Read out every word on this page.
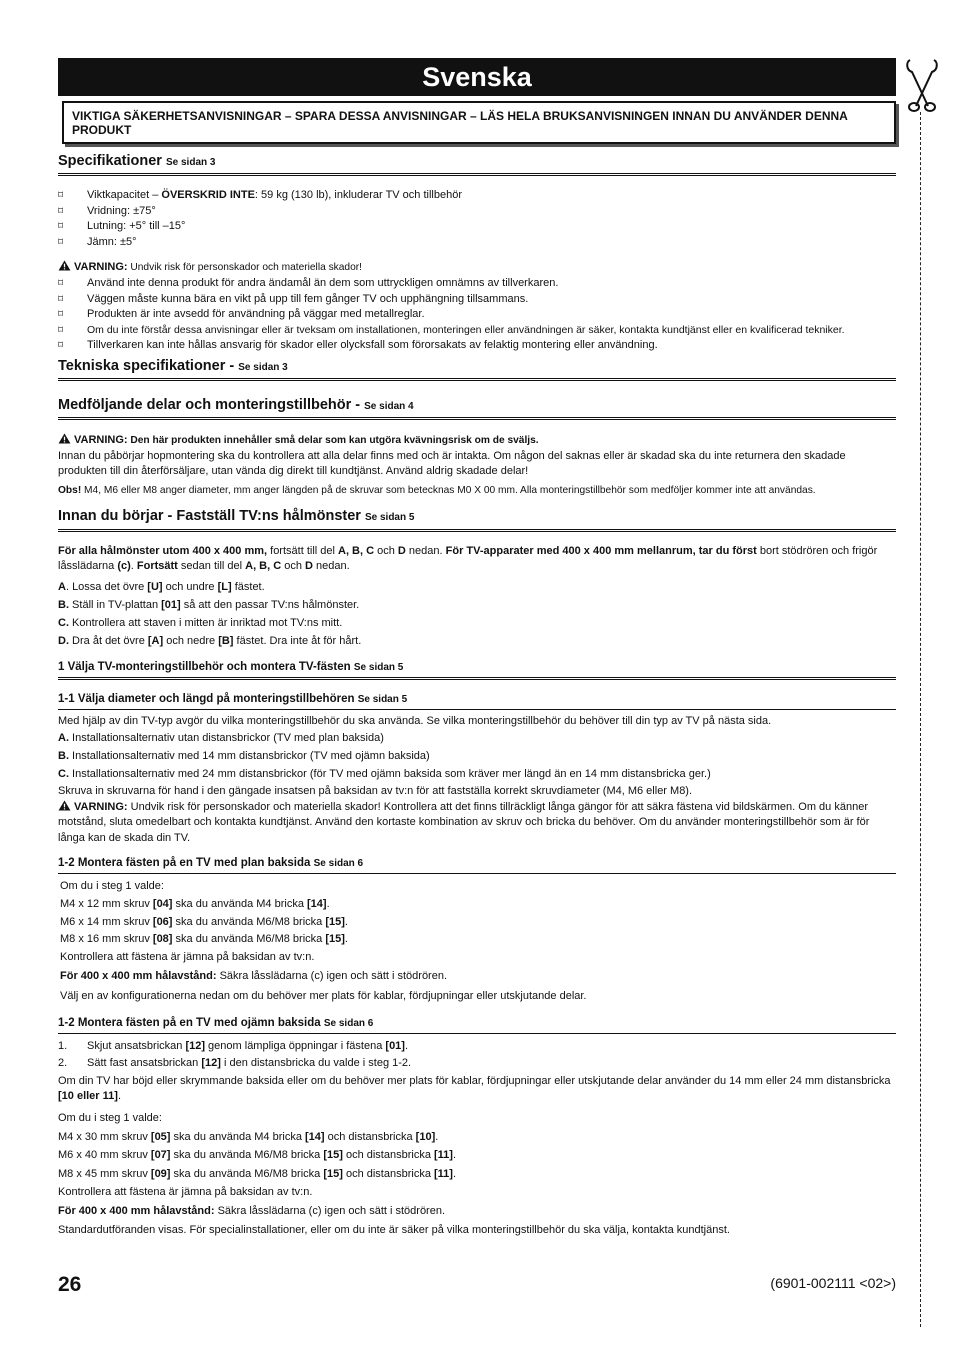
Svenska
VIKTIGA SÄKERHETSANVISNINGAR – SPARA DESSA ANVISNINGAR – LÄS HELA BRUKSANVISNINGEN INNAN DU ANVÄNDER DENNA PRODUKT
Specifikationer Se sidan 3
⌑ Viktkapacitet – ÖVERSKRID INTE: 59 kg (130 lb), inkluderar TV och tillbehör
⌑ Vridning: ±75°
⌑ Lutning: +5° till –15°
⌑ Jämn: ±5°
VARNING: Undvik risk för personskador och materiella skador!
⌑ Använd inte denna produkt för andra ändamål än dem som uttryckligen omnämns av tillverkaren.
⌑ Väggen måste kunna bära en vikt på upp till fem gånger TV och upphängning tillsammans.
⌑ Produkten är inte avsedd för användning på väggar med metallreglar.
⌑ Om du inte förstår dessa anvisningar eller är tveksam om installationen, monteringen eller användningen är säker, kontakta kundtjänst eller en kvalificerad tekniker.
⌑ Tillverkaren kan inte hållas ansvarig för skador eller olycksfall som förorsakats av felaktig montering eller användning.
Tekniska specifikationer - Se sidan 3
Medföljande delar och monteringstillbehör - Se sidan 4
VARNING: Den här produkten innehåller små delar som kan utgöra kvävningsrisk om de sväljs.

Innan du påbörjar hopmontering ska du kontrollera att alla delar finns med och är intakta. Om någon del saknas eller är skadad ska du inte returnera den skadade produkten till din återförsäljare, utan vända dig direkt till kundtjänst. Använd aldrig skadade delar!

Obs! M4, M6 eller M8 anger diameter, mm anger längden på de skruvar som betecknas M0 X 00 mm. Alla monteringstillbehör som medföljer kommer inte att användas.

Innan du börjar - Fastställ TV:ns hålmönster Se sidan 5

För alla hålmönster utom 400 x 400 mm, fortsätt till del A, B, C och D nedan. För TV-apparater med 400 x 400 mm mellanrum, tar du först bort stödrören och frigör låsslädarna (c). Fortsätt sedan till del A, B, C och D nedan.

A. Lossa det övre [U] och undre [L] fästet.

B. Ställ in TV-plattan [01] så att den passar TV:ns hålmönster.

C. Kontrollera att staven i mitten är inriktad mot TV:ns mitt.

D. Dra åt det övre [A] och nedre [B] fästet. Dra inte åt för hårt.

1 Välja TV-monteringstillbehör och montera TV-fästen Se sidan 5
1-1 Välja diameter och längd på monteringstillbehören Se sidan 5

Med hjälp av din TV-typ avgör du vilka monteringstillbehör du ska använda. Se vilka monteringstillbehör du behöver till din typ av TV på nästa sida.

A. Installationsalternativ utan distansbrickor (TV med plan baksida)

B. Installationsalternativ med 14 mm distansbrickor (TV med ojämn baksida)

C. Installationsalternativ med 24 mm distansbrickor (för TV med ojämn baksida som kräver mer längd än en 14 mm distansbricka ger.)

Skruva in skruvarna för hand i den gängade insatsen på baksidan av tv:n för att fastställa korrekt skruvdiameter (M4, M6 eller M8).

VARNING: Undvik risk för personskador och materiella skador! Kontrollera att det finns tillräckligt långa gängor för att säkra fästena vid bildskärmen. Om du känner motstånd, sluta omedelbart och kontakta kundtjänst. Använd den kortaste kombination av skruv och bricka du behöver. Om du använder monteringstillbehör som är för långa kan de skada din TV.

1-2 Montera fästen på en TV med plan baksida Se sidan 6
Om du i steg 1 valde:
M4 x 12 mm skruv [04] ska du använda M4 bricka [14].
M6 x 14 mm skruv [06] ska du använda M6/M8 bricka [15].
M8 x 16 mm skruv [08] ska du använda M6/M8 bricka [15].
Kontrollera att fästena är jämna på baksidan av tv:n.
För 400 x 400 mm hålavstånd: Säkra låsslädarna (c) igen och sätt i stödrören.
Välj en av konfigurationerna nedan om du behöver mer plats för kablar, fördjupningar eller utskjutande delar.
1-2 Montera fästen på en TV med ojämn baksida Se sidan 6
1. Skjut ansatsbrickan [12] genom lämpliga öppningar i fästena [01].
2. Sätt fast ansatsbrickan [12] i den distansbricka du valde i steg 1-2.

Om din TV har böjd eller skrymmande baksida eller om du behöver mer plats för kablar, fördjupningar eller utskjutande delar använder du 14 mm eller 24 mm distansbricka [10 eller 11].

Om du i steg 1 valde:
M4 x 30 mm skruv [05] ska du använda M4 bricka [14] och distansbricka [10].
M6 x 40 mm skruv [07] ska du använda M6/M8 bricka [15] och distansbricka [11].
M8 x 45 mm skruv [09] ska du använda M6/M8 bricka [15] och distansbricka [11].
Kontrollera att fästena är jämna på baksidan av tv:n.
För 400 x 400 mm hålavstånd: Säkra låsslädarna (c) igen och sätt i stödrören.
Standardutföranden visas. För specialinstallationer, eller om du inte är säker på vilka monteringstillbehör du ska välja, kontakta kundtjänst.
26	(6901-002111 <02>)
